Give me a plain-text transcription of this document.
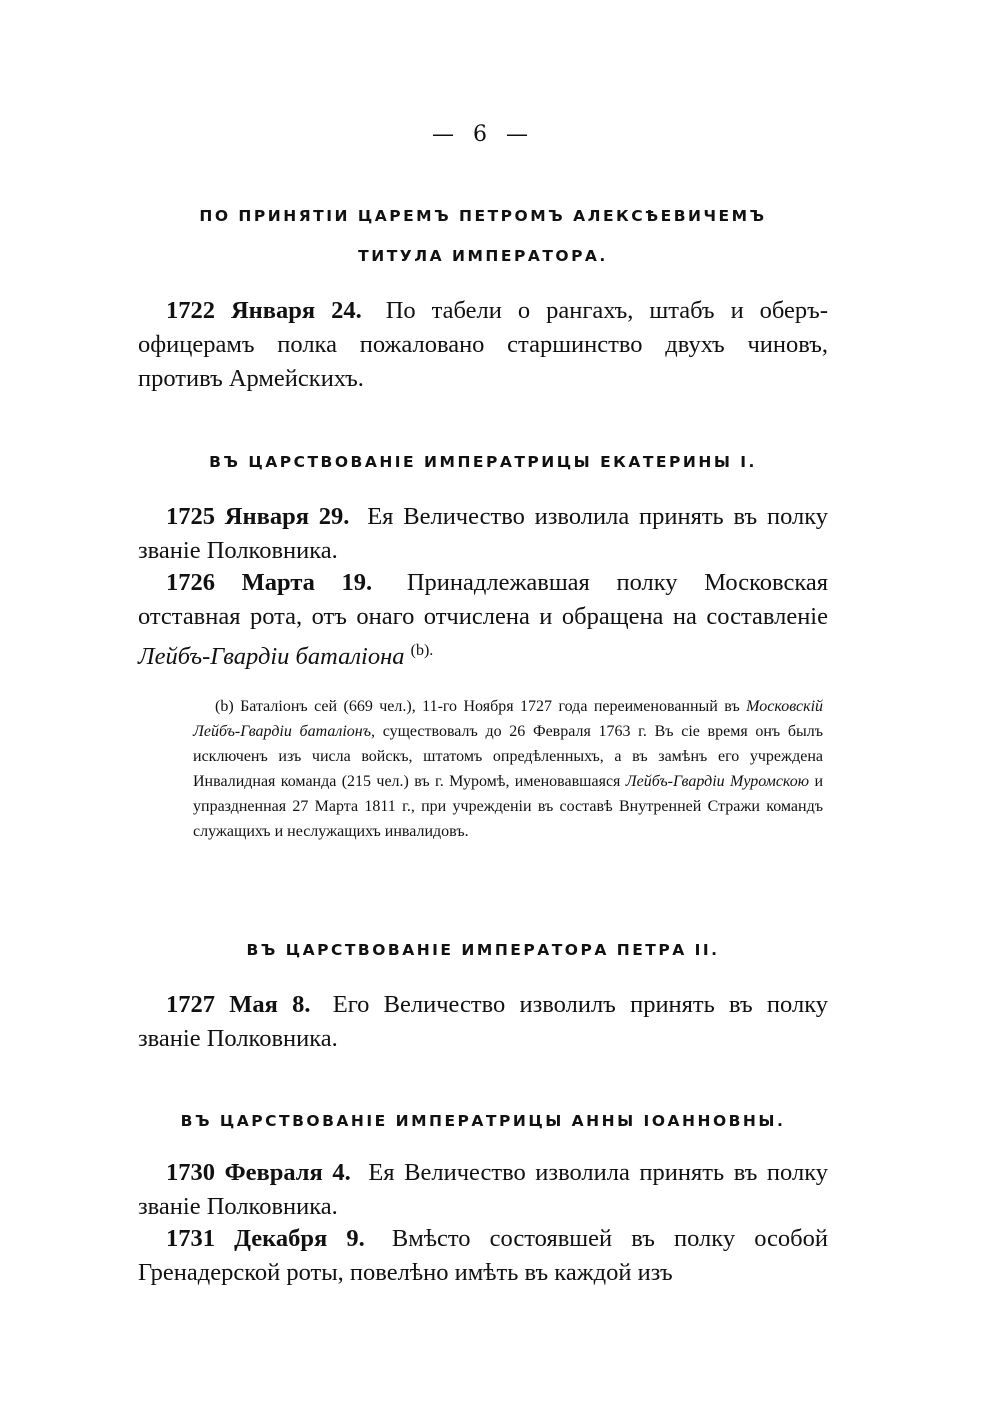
— 6 —
ПО ПРИНЯТІИ ЦАРЕМЪ ПЕТРОМЪ АЛЕКСѢЕВИЧЕМЪ
ТИТУЛА ИМПЕРАТОРА.

1722 Января 24. По табели о рангахъ, штабъ и оберъ-офицерамъ полка пожаловано старшинство двухъ чиновъ, противъ Армейскихъ.

ВЪ ЦАРСТВОВАНІЕ ИМПЕРАТРИЦЫ ЕКАТЕРИНЫ I.

1725 Января 29. Ея Величество изволила принять въ полку званіе Полковника.

1726 Марта 19. Принадлежавшая полку Московская отставная рота, отъ онаго отчислена и обращена на составленіе Лейбъ-Гвардіи баталіона $^{(b).}$

(b) Баталіонъ сей (669 чел.), 11-го Ноября 1727 года переименованный въ Московскій Лейбъ-Гвардіи баталіонъ, существовалъ до 26 Февраля 1763 г. Въ сіе время онъ былъ исключенъ изъ числа войскъ, штатомъ опредѣленныхъ, а въ замѣнъ его учреждена Инвалидная команда (215 чел.) въ г. Муромѣ, именовавшаяся Лейбъ-Гвардіи Муромскою и упраздненная 27 Марта 1811 г., при учрежденіи въ составѣ Внутренней Стражи командъ служащихъ и неслужащихъ инвалидовъ.

ВЪ ЦАРСТВОВАНІЕ ИМПЕРАТОРА ПЕТРА II.

1727 Мая 8. Его Величество изволилъ принять въ полку званіе Полковника.

ВЪ ЦАРСТВОВАНІЕ ИМПЕРАТРИЦЫ АННЫ ІОАННОВНЫ.

1730 Февраля 4. Ея Величество изволила принять въ полку званіе Полковника.

1731 Декабря 9. Вмѣсто состоявшей въ полку особой Гренадерской роты, повелѣно имѣть въ каждой изъ
